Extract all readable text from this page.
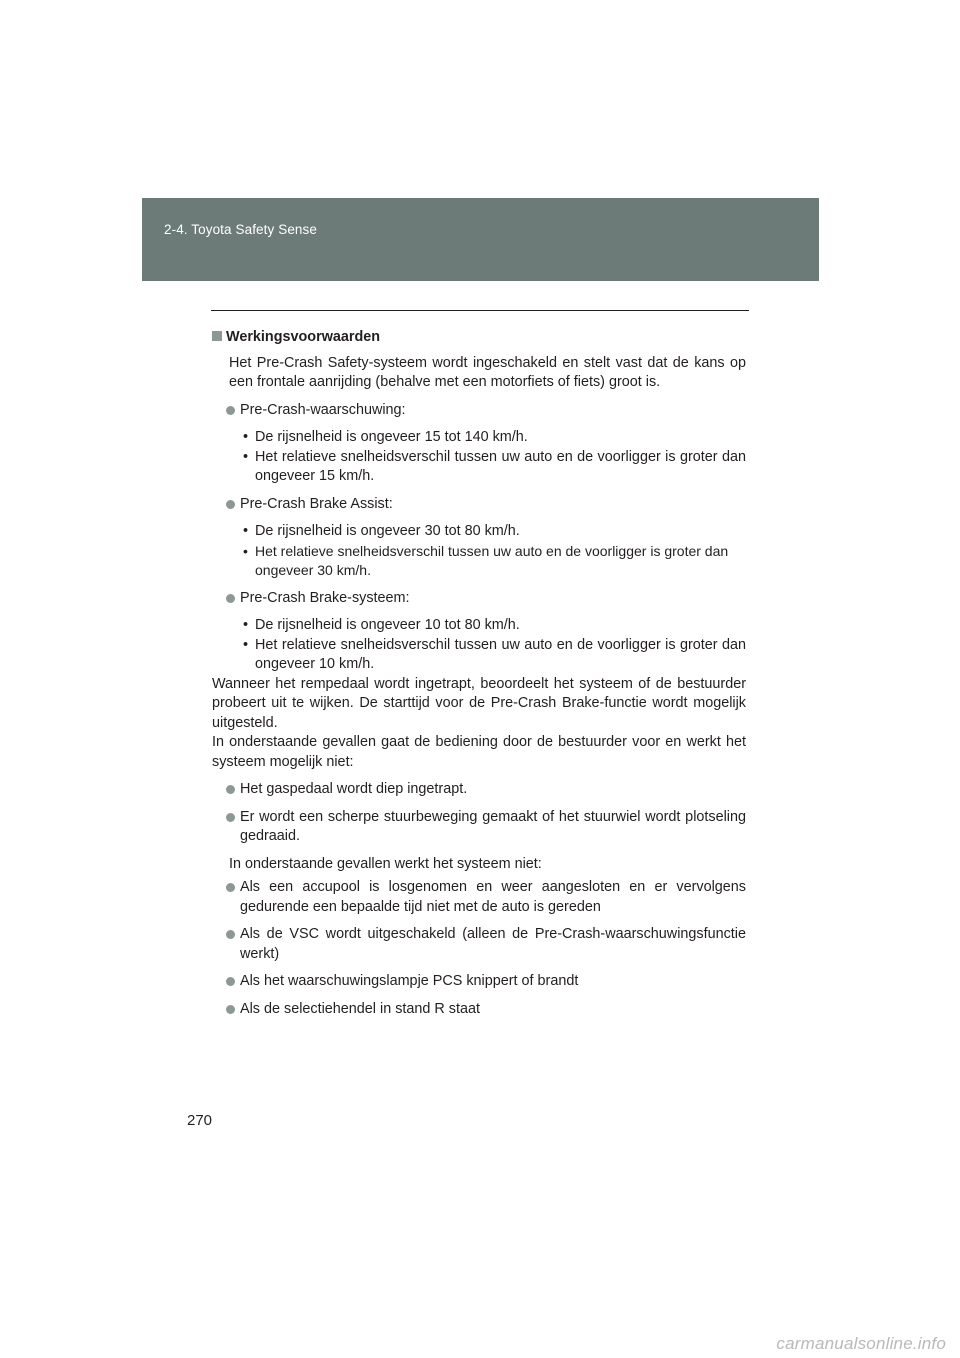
2-4. Toyota Safety Sense
Werkingsvoorwaarden

Het Pre-Crash Safety-systeem wordt ingeschakeld en stelt vast dat de kans op een frontale aanrijding (behalve met een motorfiets of fiets) groot is.

Pre-Crash-waarschuwing:
• De rijsnelheid is ongeveer 15 tot 140 km/h.
• Het relatieve snelheidsverschil tussen uw auto en de voorligger is groter dan ongeveer 15 km/h.
Pre-Crash Brake Assist:
• De rijsnelheid is ongeveer 30 tot 80 km/h.
• Het relatieve snelheidsverschil tussen uw auto en de voorligger is groter dan ongeveer 30 km/h.
Pre-Crash Brake-systeem:
• De rijsnelheid is ongeveer 10 tot 80 km/h.
• Het relatieve snelheidsverschil tussen uw auto en de voorligger is groter dan ongeveer 10 km/h.

Wanneer het rempedaal wordt ingetrapt, beoordeelt het systeem of de bestuurder probeert uit te wijken. De starttijd voor de Pre-Crash Brake-functie wordt mogelijk uitgesteld.

In onderstaande gevallen gaat de bediening door de bestuurder voor en werkt het systeem mogelijk niet:

Het gaspedaal wordt diep ingetrapt.
Er wordt een scherpe stuurbeweging gemaakt of het stuurwiel wordt plotseling gedraaid.

In onderstaande gevallen werkt het systeem niet:

Als een accupool is losgenomen en weer aangesloten en er vervolgens gedurende een bepaalde tijd niet met de auto is gereden
Als de VSC wordt uitgeschakeld (alleen de Pre-Crash-waarschuwingsfunctie werkt)
Als het waarschuwingslampje PCS knippert of brandt
Als de selectiehendel in stand R staat
270
carmanualsonline.info
